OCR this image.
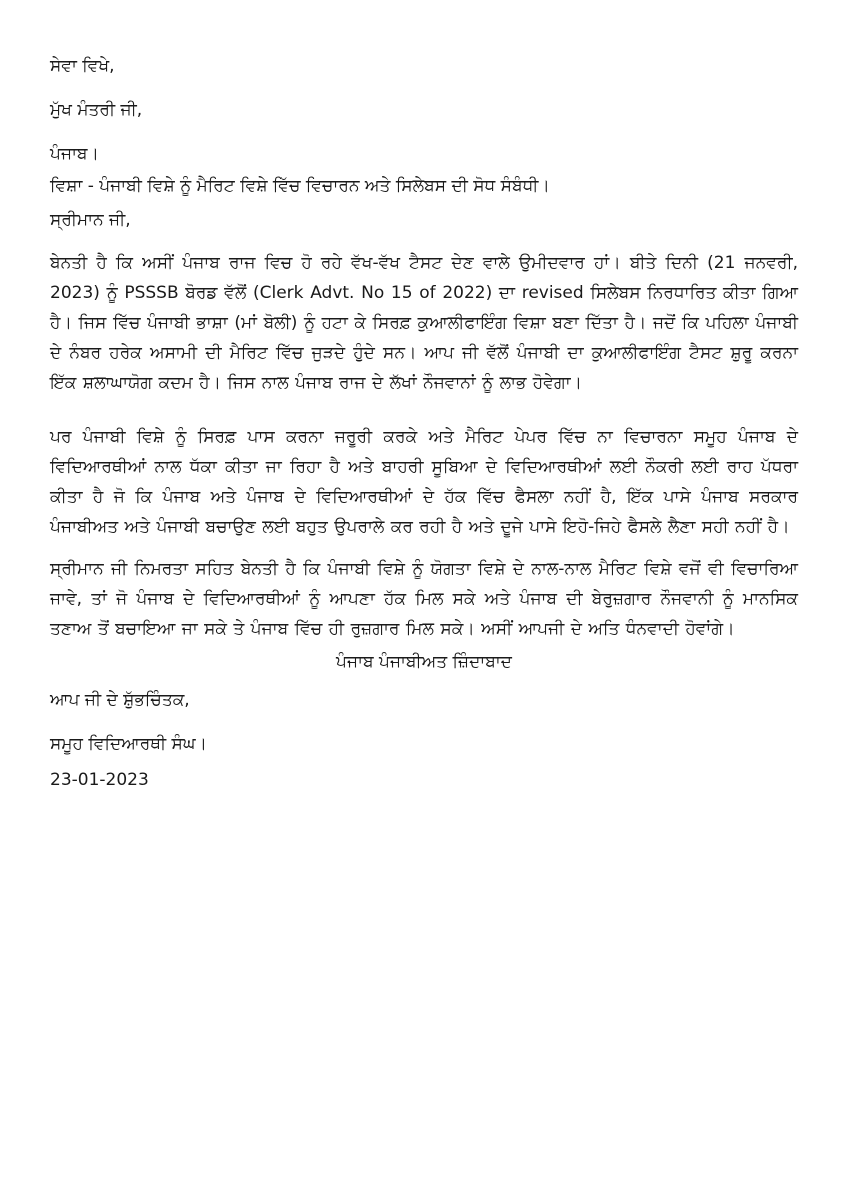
ਸੇਵਾ ਵਿਖੇ,
ਮੁੱਖ ਮੰਤਰੀ ਜੀ,
ਪੰਜਾਬ।
ਵਿਸ਼ਾ - ਪੰਜਾਬੀ ਵਿਸ਼ੇ ਨੂੰ ਮੈਰਿਟ ਵਿਸ਼ੇ ਵਿੱਚ ਵਿਚਾਰਨ ਅਤੇ ਸਿਲੇਬਸ ਦੀ ਸੋਧ ਸੰਬੰਧੀ।
ਸ੍ਰੀਮਾਨ ਜੀ,
ਬੇਨਤੀ ਹੈ ਕਿ ਅਸੀਂ ਪੰਜਾਬ ਰਾਜ ਵਿਚ ਹੋ ਰਹੇ ਵੱਖ-ਵੱਖ ਟੈਸਟ ਦੇਣ ਵਾਲੇ ਉਮੀਦਵਾਰ ਹਾਂ। ਬੀਤੇ ਦਿਨੀ (21 ਜਨਵਰੀ, 2023) ਨੂੰ PSSSB ਬੋਰਡ ਵੱਲੋਂ (Clerk Advt. No 15 of 2022) ਦਾ revised ਸਿਲੇਬਸ ਨਿਰਧਾਰਿਤ ਕੀਤਾ ਗਿਆ ਹੈ। ਜਿਸ ਵਿੱਚ ਪੰਜਾਬੀ ਭਾਸ਼ਾ (ਮਾਂ ਬੋਲੀ) ਨੂੰ ਹਟਾ ਕੇ ਸਿਰਫ਼ ਕੁਆਲੀਫਾਇੰਗ ਵਿਸ਼ਾ ਬਣਾ ਦਿੱਤਾ ਹੈ। ਜਦੋਂ ਕਿ ਪਹਿਲਾ ਪੰਜਾਬੀ ਦੇ ਨੰਬਰ ਹਰੇਕ ਅਸਾਮੀ ਦੀ ਮੈਰਿਟ ਵਿੱਚ ਜੁੜਦੇ ਹੁੰਦੇ ਸਨ। ਆਪ ਜੀ ਵੱਲੋਂ ਪੰਜਾਬੀ ਦਾ ਕੁਆਲੀਫਾਇੰਗ ਟੈਸਟ ਸ਼ੁਰੂ ਕਰਨਾ ਇੱਕ ਸ਼ਲਾਘਾਯੋਗ ਕਦਮ ਹੈ। ਜਿਸ ਨਾਲ ਪੰਜਾਬ ਰਾਜ ਦੇ ਲੱਖਾਂ ਨੌਜਵਾਨਾਂ ਨੂੰ ਲਾਭ ਹੋਵੇਗਾ।
ਪਰ ਪੰਜਾਬੀ ਵਿਸ਼ੇ ਨੂੰ ਸਿਰਫ਼ ਪਾਸ ਕਰਨਾ ਜਰੂਰੀ ਕਰਕੇ ਅਤੇ ਮੈਰਿਟ ਪੇਪਰ ਵਿੱਚ ਨਾ ਵਿਚਾਰਨਾ ਸਮੂਹ ਪੰਜਾਬ ਦੇ ਵਿਦਿਆਰਥੀਆਂ ਨਾਲ ਧੱਕਾ ਕੀਤਾ ਜਾ ਰਿਹਾ ਹੈ ਅਤੇ ਬਾਹਰੀ ਸੂਬਿਆ ਦੇ ਵਿਦਿਆਰਥੀਆਂ ਲਈ ਨੌਕਰੀ ਲਈ ਰਾਹ ਪੱਧਰਾ ਕੀਤਾ ਹੈ ਜੋ ਕਿ ਪੰਜਾਬ ਅਤੇ ਪੰਜਾਬ ਦੇ ਵਿਦਿਆਰਥੀਆਂ ਦੇ ਹੱਕ ਵਿੱਚ ਫੈਸਲਾ ਨਹੀਂ ਹੈ, ਇੱਕ ਪਾਸੇ ਪੰਜਾਬ ਸਰਕਾਰ ਪੰਜਾਬੀਅਤ ਅਤੇ ਪੰਜਾਬੀ ਬਚਾਉਣ ਲਈ ਬਹੁਤ ਉਪਰਾਲੇ ਕਰ ਰਹੀ ਹੈ ਅਤੇ ਦੂਜੇ ਪਾਸੇ ਇਹੋ-ਜਿਹੇ ਫੈਸਲੇ ਲੈਣਾ ਸਹੀ ਨਹੀਂ ਹੈ।
ਸ੍ਰੀਮਾਨ ਜੀ ਨਿਮਰਤਾ ਸਹਿਤ ਬੇਨਤੀ ਹੈ ਕਿ ਪੰਜਾਬੀ ਵਿਸ਼ੇ ਨੂੰ ਯੋਗਤਾ ਵਿਸ਼ੇ ਦੇ ਨਾਲ-ਨਾਲ ਮੈਰਿਟ ਵਿਸ਼ੇ ਵਜੋਂ ਵੀ ਵਿਚਾਰਿਆ ਜਾਵੇ, ਤਾਂ ਜੋ ਪੰਜਾਬ ਦੇ ਵਿਦਿਆਰਥੀਆਂ ਨੂੰ ਆਪਣਾ ਹੱਕ ਮਿਲ ਸਕੇ ਅਤੇ ਪੰਜਾਬ ਦੀ ਬੇਰੁਜ਼ਗਾਰ ਨੌਜਵਾਨੀ ਨੂੰ ਮਾਨਸਿਕ ਤਣਾਅ ਤੋਂ ਬਚਾਇਆ ਜਾ ਸਕੇ ਤੇ ਪੰਜਾਬ ਵਿੱਚ ਹੀ ਰੁਜ਼ਗਾਰ ਮਿਲ ਸਕੇ। ਅਸੀਂ ਆਪਜੀ ਦੇ ਅਤਿ ਧੰਨਵਾਦੀ ਹੋਵਾਂਗੇ।
ਪੰਜਾਬ ਪੰਜਾਬੀਅਤ ਜ਼ਿੰਦਾਬਾਦ
ਆਪ ਜੀ ਦੇ ਸ਼ੁੱਭਚਿੰਤਕ,
ਸਮੂਹ ਵਿਦਿਆਰਥੀ ਸੰਘ।
23-01-2023
